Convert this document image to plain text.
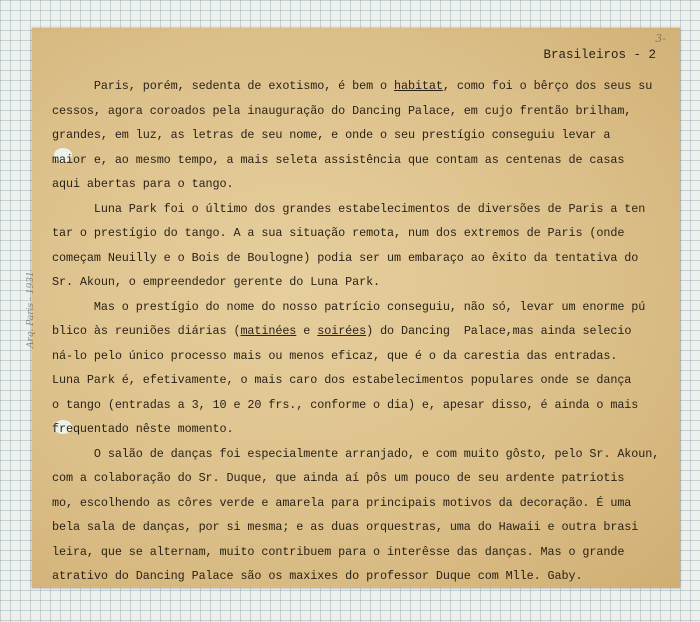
Arq. Paris - 1931
3-
Brasileiros - 2

Paris, porém, sedenta de exotismo, é bem o habitat, como foi o bêrço dos seus su
cessos, agora coroados pela inauguração do Dancing Palace, em cujo frentão brilham,
grandes, em luz, as letras de seu nome, e onde o seu prestígio conseguiu levar a
maior e, ao mesmo tempo, a mais seleta assistência que contam as centenas de casas
aqui abertas para o tango.

Luna Park foi o último dos grandes estabelecimentos de diversões de Paris a ten
tar o prestígio do tango. A a sua situação remota, num dos extremos de Paris (onde
começam Neuilly e o Bois de Boulogne) podia ser um embaraço ao êxito da tentativa do
Sr. Akoun, o empreendedor gerente do Luna Park.

Mas o prestígio do nome do nosso patrício conseguiu, não só, levar um enorme pú
blico às reuniões diárias (matinées e soirées) do Dancing  Palace,mas ainda selecio
ná-lo pelo único processo mais ou menos eficaz, que é o da carestia das entradas.
Luna Park é, efetivamente, o mais caro dos estabelecimentos populares onde se dança
o tango (entradas a 3, 10 e 20 frs., conforme o dia) e, apesar disso, é ainda o mais
frequentado nêste momento.

O salão de danças foi especialmente arranjado, e com muito gôsto, pelo Sr. Akoun,
com a colaboração do Sr. Duque, que ainda aí pôs um pouco de seu ardente patriotis
mo, escolhendo as côres verde e amarela para principais motivos da decoração. É uma
bela sala de danças, por si mesma; e as duas orquestras, uma do Hawaii e outra brasi
leira, que se alternam, muito contribuem para o interêsse das danças. Mas o grande
atrativo do Dancing Palace são os maxixes do professor Duque com Mlle. Gaby.
